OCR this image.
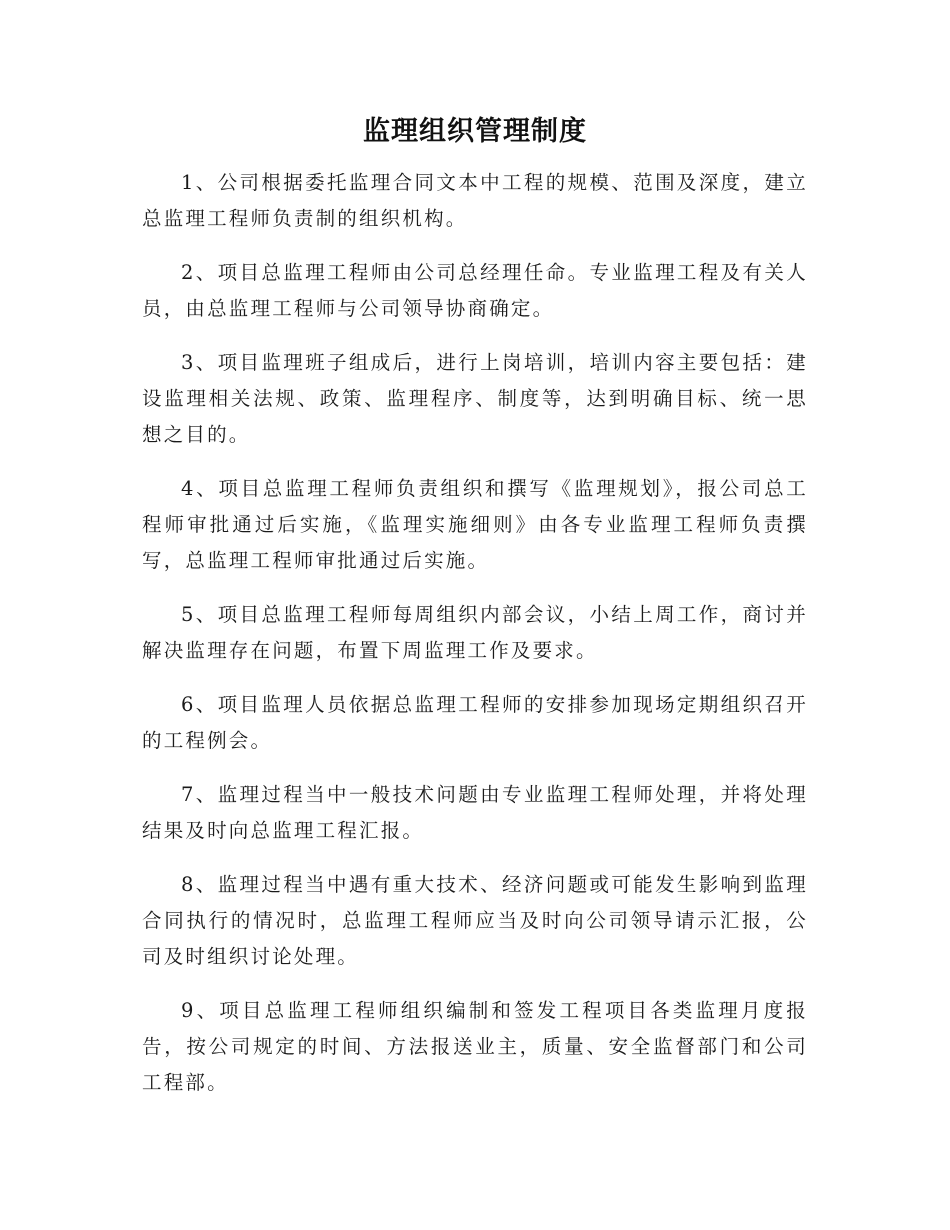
监理组织管理制度

1、公司根据委托监理合同文本中工程的规模、范围及深度，建立总监理工程师负责制的组织机构。

2、项目总监理工程师由公司总经理任命。专业监理工程及有关人员，由总监理工程师与公司领导协商确定。

3、项目监理班子组成后，进行上岗培训，培训内容主要包括：建设监理相关法规、政策、监理程序、制度等，达到明确目标、统一思想之目的。

4、项目总监理工程师负责组织和撰写《监理规划》，报公司总工程师审批通过后实施，《监理实施细则》由各专业监理工程师负责撰写，总监理工程师审批通过后实施。

5、项目总监理工程师每周组织内部会议，小结上周工作，商讨并解决监理存在问题，布置下周监理工作及要求。

6、项目监理人员依据总监理工程师的安排参加现场定期组织召开的工程例会。

7、监理过程当中一般技术问题由专业监理工程师处理，并将处理结果及时向总监理工程汇报。

8、监理过程当中遇有重大技术、经济问题或可能发生影响到监理合同执行的情况时，总监理工程师应当及时向公司领导请示汇报，公司及时组织讨论处理。

9、项目总监理工程师组织编制和签发工程项目各类监理月度报告，按公司规定的时间、方法报送业主，质量、安全监督部门和公司工程部。
